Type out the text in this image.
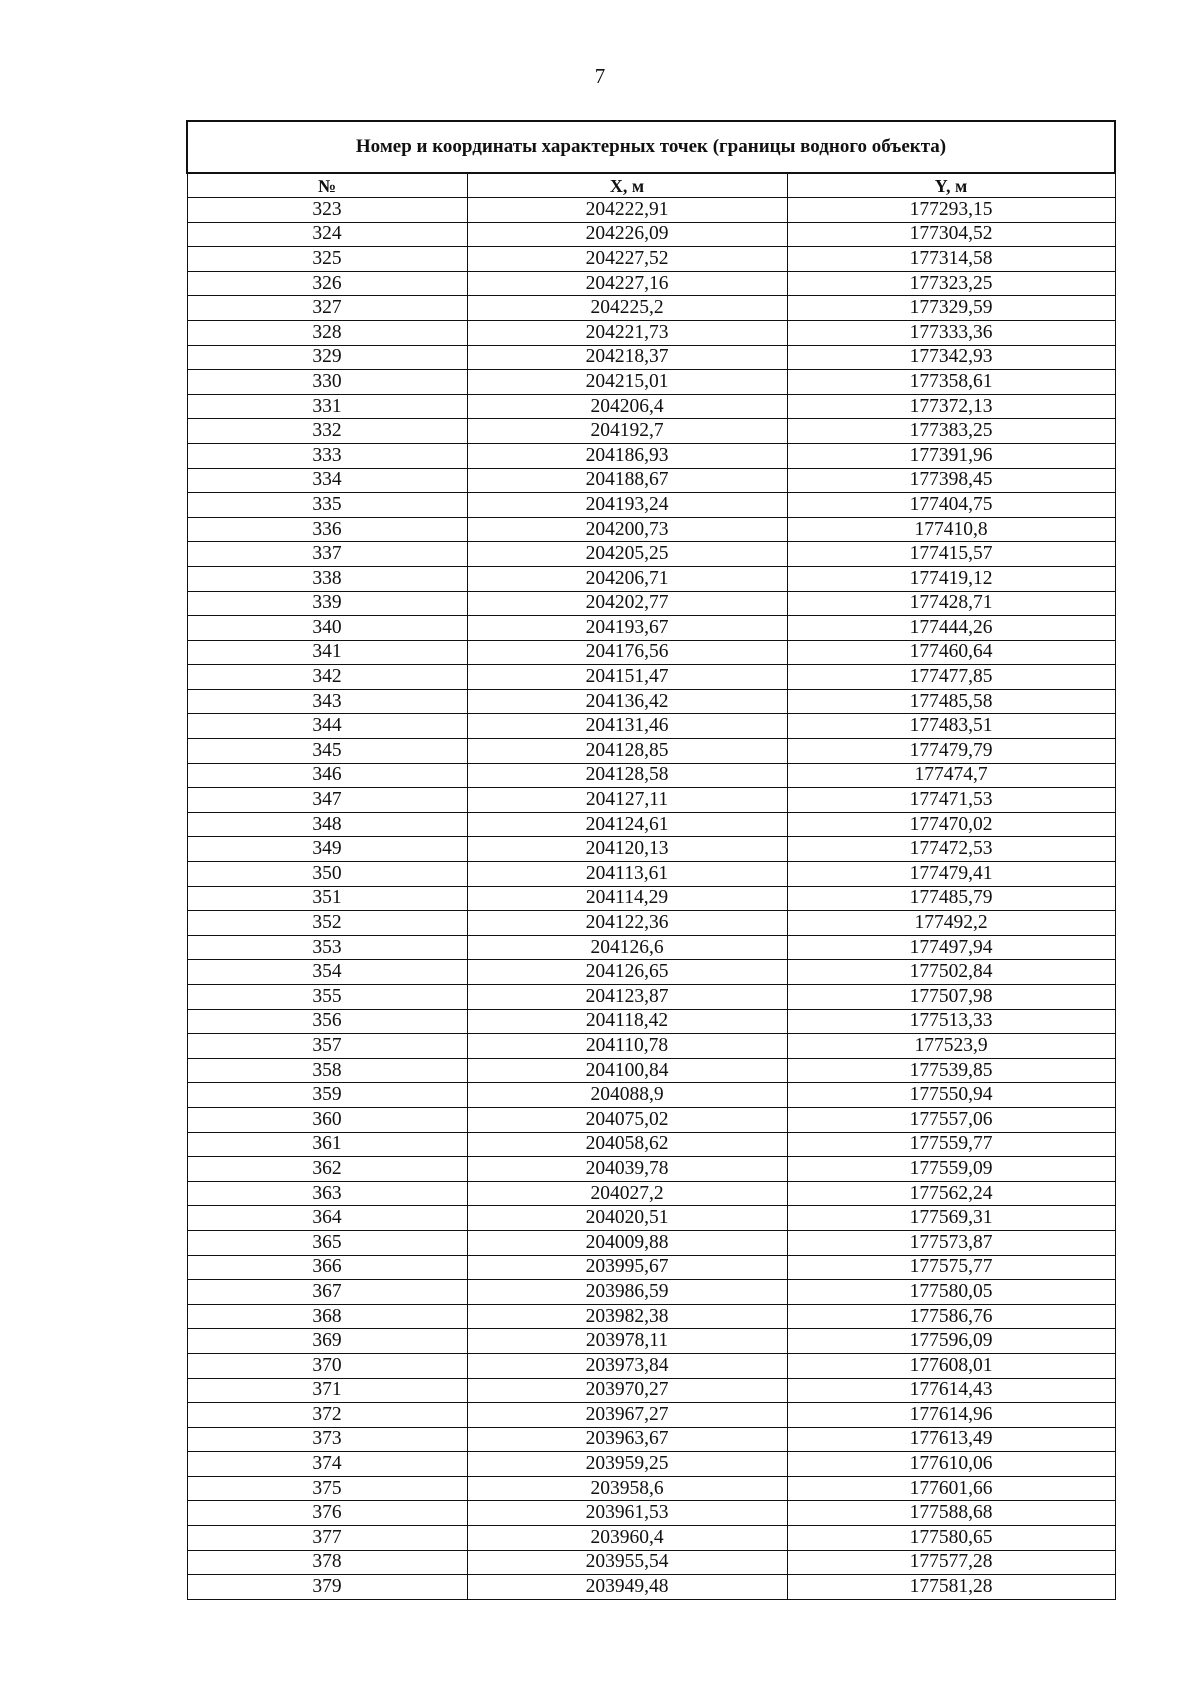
7
Номер и координаты характерных точек (границы водного объекта)		
№	X, м	Y, м
323	204222,91	177293,15
324	204226,09	177304,52
325	204227,52	177314,58
326	204227,16	177323,25
327	204225,2	177329,59
328	204221,73	177333,36
329	204218,37	177342,93
330	204215,01	177358,61
331	204206,4	177372,13
332	204192,7	177383,25
333	204186,93	177391,96
334	204188,67	177398,45
335	204193,24	177404,75
336	204200,73	177410,8
337	204205,25	177415,57
338	204206,71	177419,12
339	204202,77	177428,71
340	204193,67	177444,26
341	204176,56	177460,64
342	204151,47	177477,85
343	204136,42	177485,58
344	204131,46	177483,51
345	204128,85	177479,79
346	204128,58	177474,7
347	204127,11	177471,53
348	204124,61	177470,02
349	204120,13	177472,53
350	204113,61	177479,41
351	204114,29	177485,79
352	204122,36	177492,2
353	204126,6	177497,94
354	204126,65	177502,84
355	204123,87	177507,98
356	204118,42	177513,33
357	204110,78	177523,9
358	204100,84	177539,85
359	204088,9	177550,94
360	204075,02	177557,06
361	204058,62	177559,77
362	204039,78	177559,09
363	204027,2	177562,24
364	204020,51	177569,31
365	204009,88	177573,87
366	203995,67	177575,77
367	203986,59	177580,05
368	203982,38	177586,76
369	203978,11	177596,09
370	203973,84	177608,01
371	203970,27	177614,43
372	203967,27	177614,96
373	203963,67	177613,49
374	203959,25	177610,06
375	203958,6	177601,66
376	203961,53	177588,68
377	203960,4	177580,65
378	203955,54	177577,28
379	203949,48	177581,28
